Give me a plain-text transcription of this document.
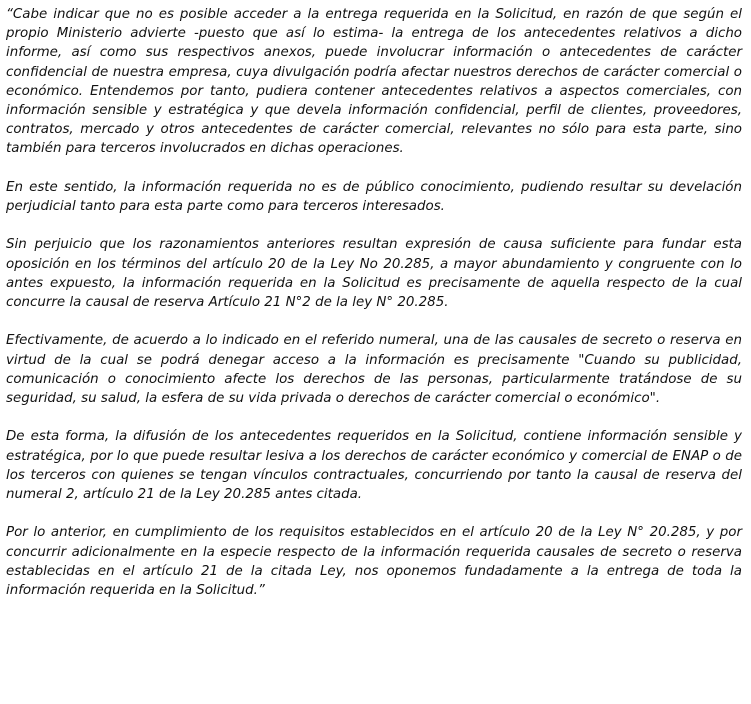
“Cabe indicar que no es posible acceder a la entrega requerida en la Solicitud, en razón de que según el propio Ministerio advierte -puesto que así lo estima- la entrega de los antecedentes relativos a dicho informe, así como sus respectivos anexos, puede involucrar información o antecedentes de carácter confidencial de nuestra empresa, cuya divulgación podría afectar nuestros derechos de carácter comercial o económico. Entendemos por tanto, pudiera contener antecedentes relativos a aspectos comerciales, con información sensible y estratégica y que devela información confidencial, perfil de clientes, proveedores, contratos, mercado y otros antecedentes de carácter comercial, relevantes no sólo para esta parte, sino también para terceros involucrados en dichas operaciones.

En este sentido, la información requerida no es de público conocimiento, pudiendo resultar su develación perjudicial tanto para esta parte como para terceros interesados.

Sin perjuicio que los razonamientos anteriores resultan expresión de causa suficiente para fundar esta oposición en los términos del artículo 20 de la Ley No 20.285, a mayor abundamiento y congruente con lo antes expuesto, la información requerida en la Solicitud es precisamente de aquella respecto de la cual concurre la causal de reserva Artículo 21 N°2 de la ley N° 20.285.

Efectivamente, de acuerdo a lo indicado en el referido numeral, una de las causales de secreto o reserva en virtud de la cual se podrá denegar acceso a la información es precisamente "Cuando su publicidad, comunicación o conocimiento afecte los derechos de las personas, particularmente tratándose de su seguridad, su salud, la esfera de su vida privada o derechos de carácter comercial o económico".

De esta forma, la difusión de los antecedentes requeridos en la Solicitud, contiene información sensible y estratégica, por lo que puede resultar lesiva a los derechos de carácter económico y comercial de ENAP o de los terceros con quienes se tengan vínculos contractuales, concurriendo por tanto la causal de reserva del numeral 2, artículo 21 de la Ley 20.285 antes citada.

Por lo anterior, en cumplimiento de los requisitos establecidos en el artículo 20 de la Ley N° 20.285, y por concurrir adicionalmente en la especie respecto de la información requerida causales de secreto o reserva establecidas en el artículo 21 de la citada Ley, nos oponemos fundadamente a la entrega de toda la información requerida en la Solicitud.”
